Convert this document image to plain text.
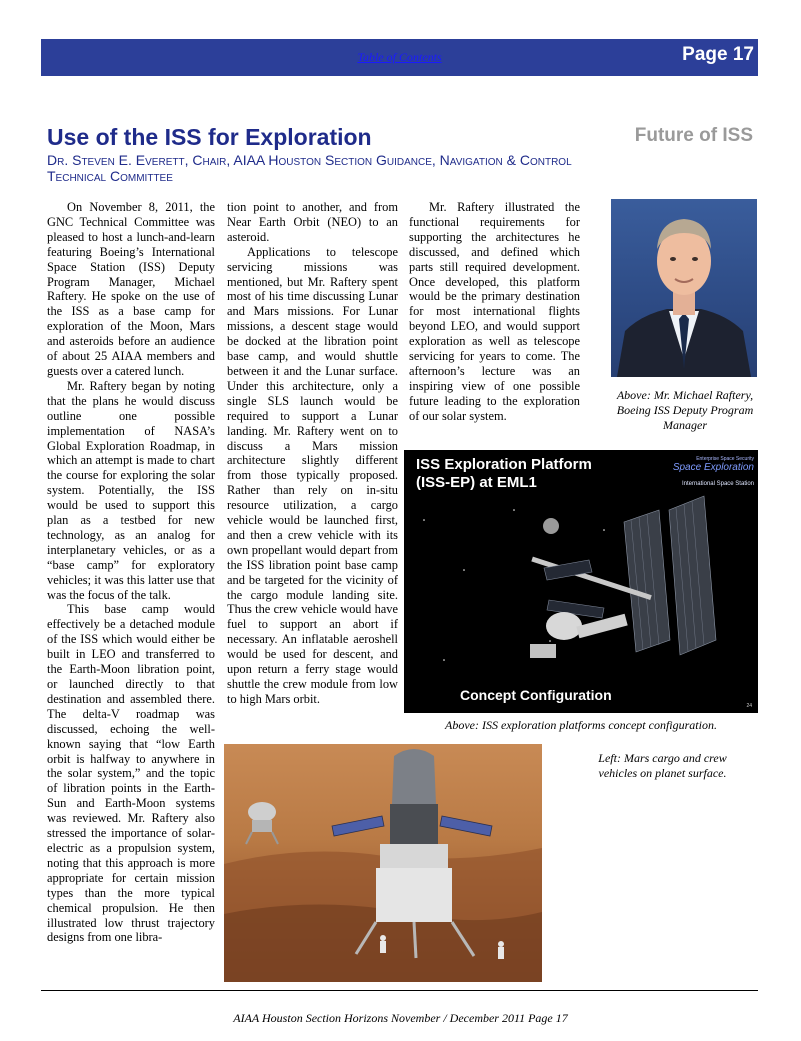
Table of Contents	Page 17
Use of the ISS for Exploration	Future of ISS
Dr. Steven E. Everett, Chair, AIAA Houston Section Guidance, Navigation & Control Technical Committee

On November 8, 2011, the GNC Technical Committee was pleased to host a lunch-and-learn featuring Boeing’s International Space Station (ISS) Deputy Program Manager, Michael Raftery. He spoke on the use of the ISS as a base camp for exploration of the Moon, Mars and asteroids before an audience of about 25 AIAA members and guests over a catered lunch.

Mr. Raftery began by noting that the plans he would discuss outline one possible implementation of NASA’s Global Exploration Roadmap, in which an attempt is made to chart the course for exploring the solar system. Potentially, the ISS would be used to support this plan as a testbed for new technology, as an analog for interplanetary vehicles, or as a “base camp” for exploratory vehicles; it was this latter use that was the focus of the talk.

This base camp would effectively be a detached module of the ISS which would either be built in LEO and transferred to the Earth-Moon libration point, or launched directly to that destination and assembled there. The delta-V roadmap was discussed, echoing the well-known saying that “low Earth orbit is halfway to anywhere in the solar system,” and the topic of libration points in the Earth-Sun and Earth-Moon systems was reviewed. Mr. Raftery also stressed the importance of solar-electric as a propulsion system, noting that this approach is more appropriate for certain mission types than the more typical chemical propulsion. He then illustrated low thrust trajectory designs from one libra-

tion point to another, and from Near Earth Orbit (NEO) to an asteroid.

Applications to telescope servicing missions was mentioned, but Mr. Raftery spent most of his time discussing Lunar and Mars missions. For Lunar missions, a descent stage would be docked at the libration point base camp, and would shuttle between it and the Lunar surface. Under this architecture, only a single SLS launch would be required to support a Lunar landing. Mr. Raftery went on to discuss a Mars mission architecture slightly different from those typically proposed. Rather than rely on in-situ resource utilization, a cargo vehicle would be launched first, and then a crew vehicle with its own propellant would depart from the ISS libration point base camp and be targeted for the vicinity of the cargo module landing site. Thus the crew vehicle would have fuel to support an abort if necessary. An inflatable aeroshell would be used for descent, and upon return a ferry stage would shuttle the crew module from low to high Mars orbit.

Mr. Raftery illustrated the functional requirements for supporting the architectures he discussed, and defined which parts still required development. Once developed, this platform would be the primary destination for most international flights beyond LEO, and would support exploration as well as telescope servicing for years to come. The afternoon’s lecture was an inspiring view of one possible future leading to the exploration of our solar system.

Above: Mr. Michael Raftery, Boeing ISS Deputy Program Manager
ISS Exploration Platform
(ISS-EP) at EML1
Enterprise Space Security
Space Exploration
International Space Station
Concept Configuration
24
Above: ISS exploration platforms concept configuration.
Left: Mars cargo and crew vehicles on planet surface.
AIAA Houston Section Horizons November / December 2011 Page 17
